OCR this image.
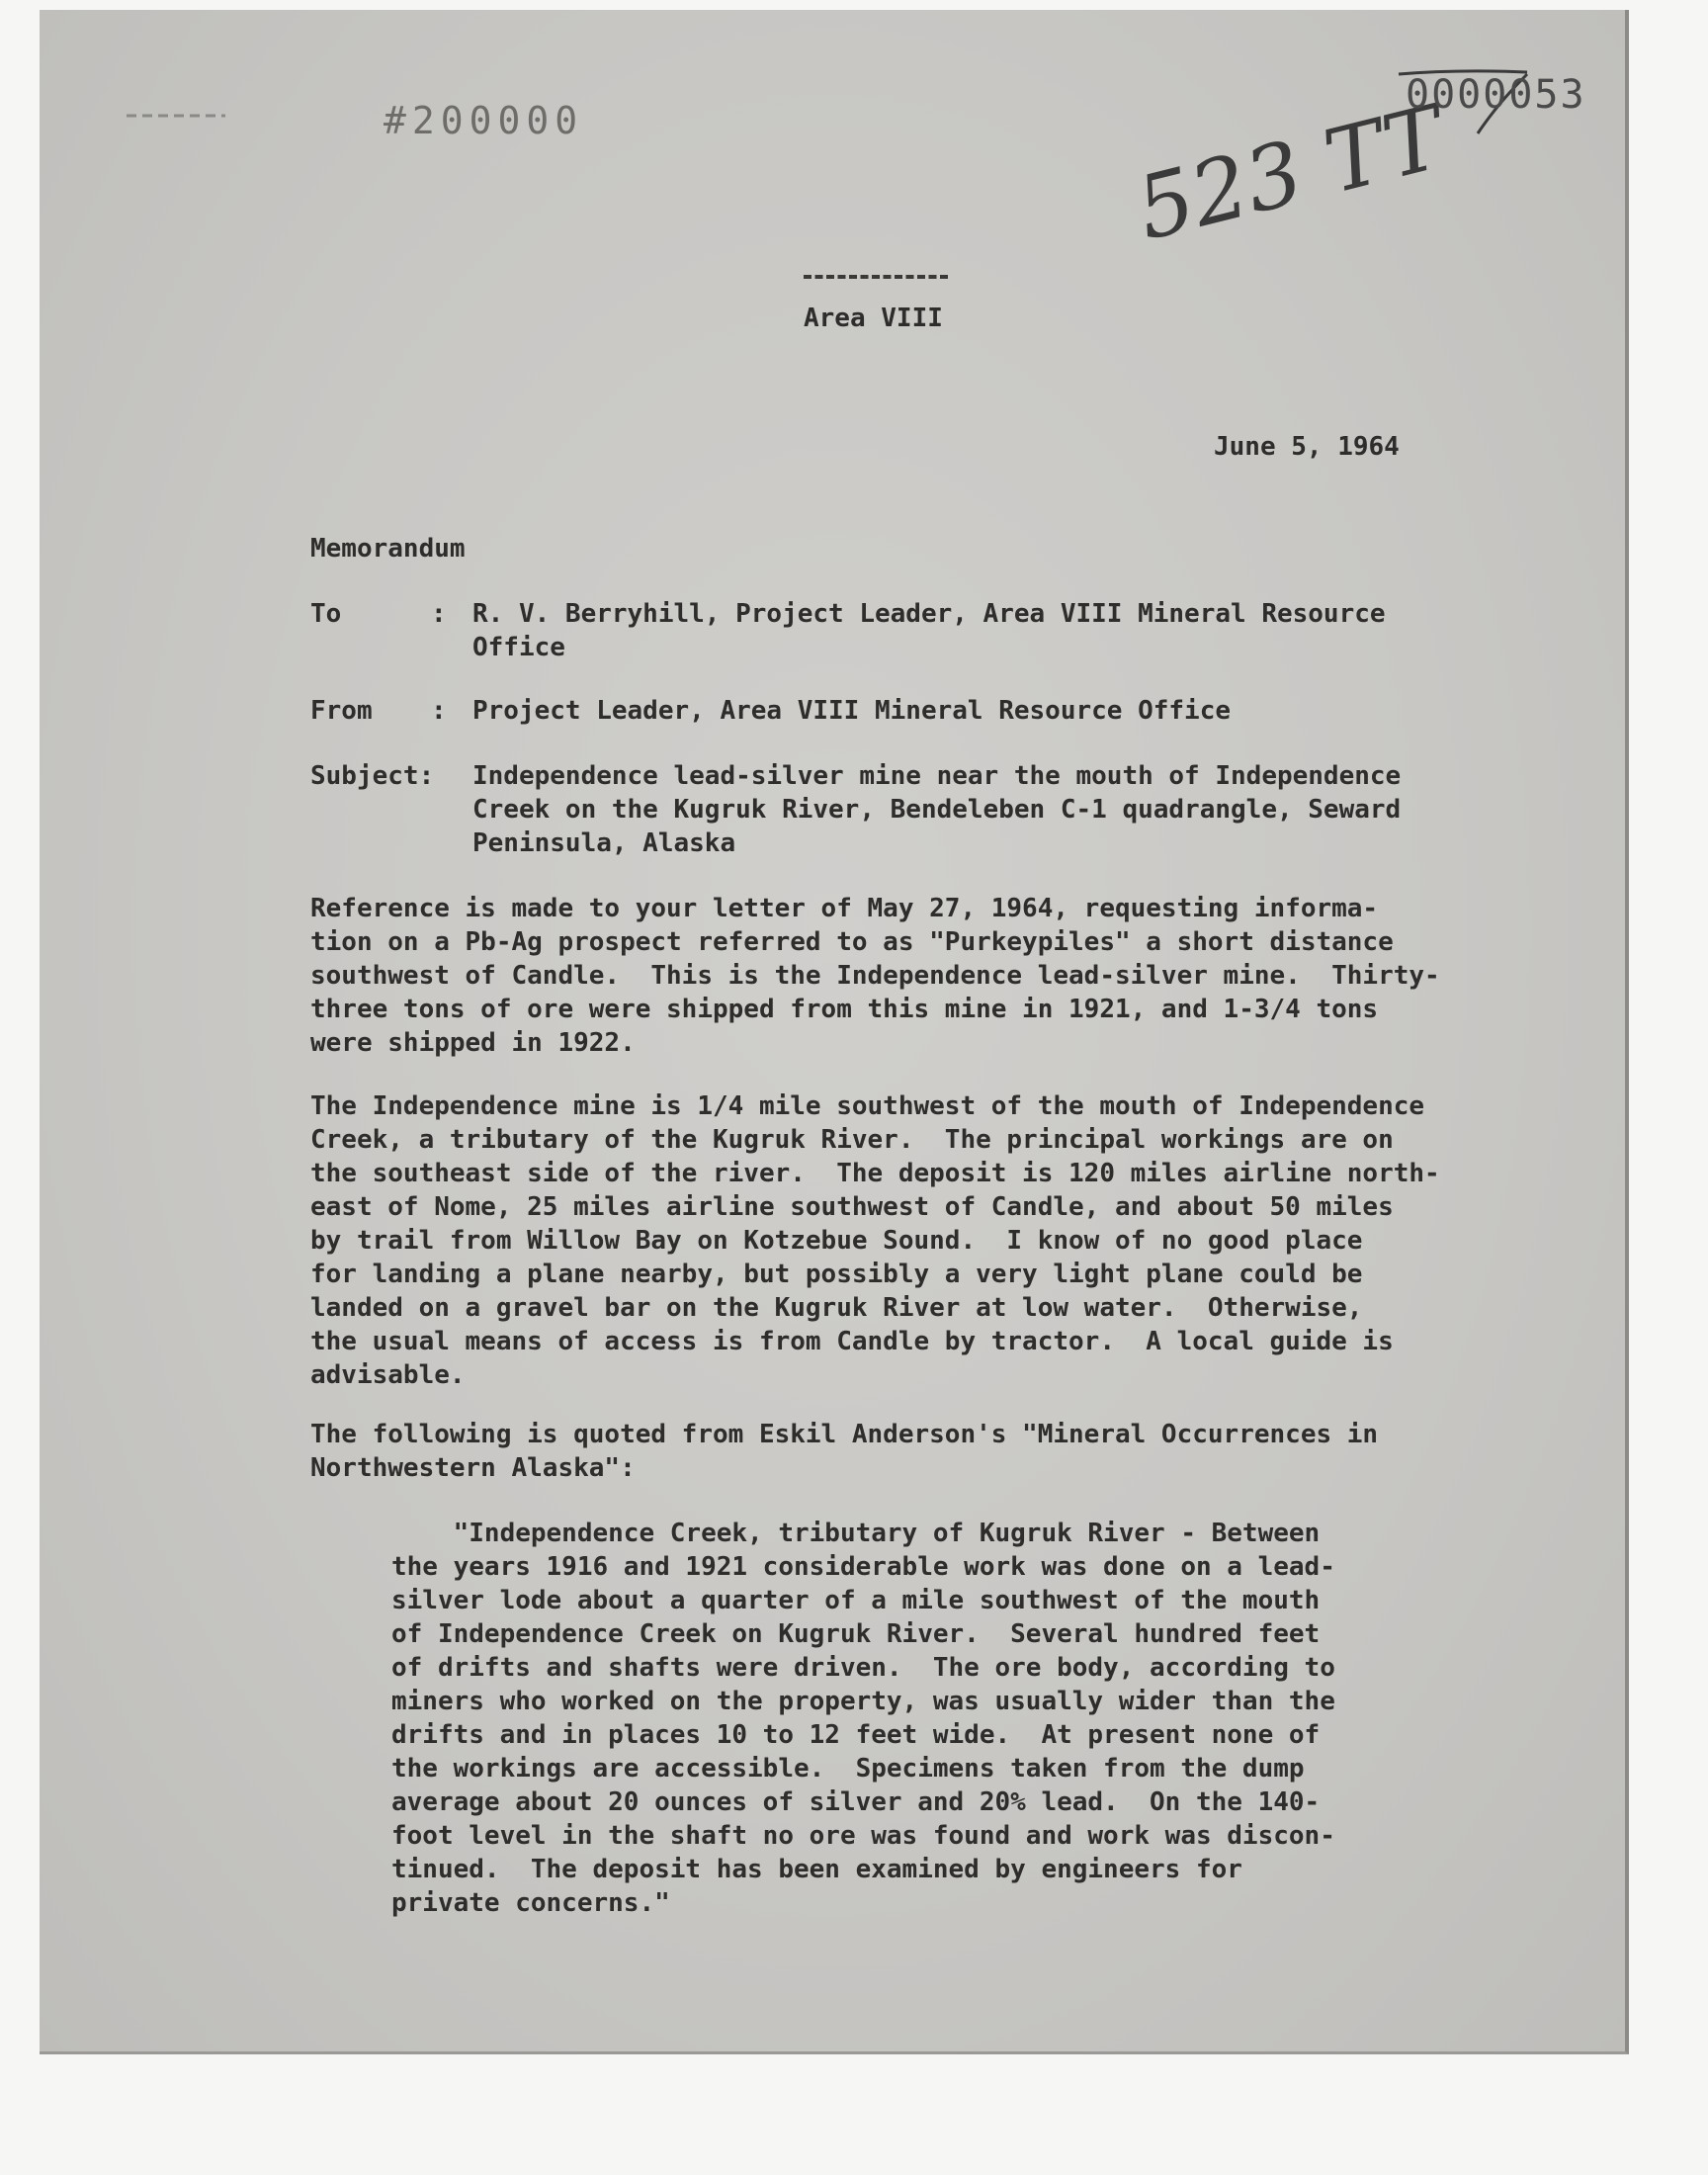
#200000	523 TT
0000053

Area VIII

June 5, 1964

Memorandum

To	: R. V. Berryhill, Project Leader, Area VIII Mineral Resource
Office

From : Project Leader, Area VIII Mineral Resource Office

Subject: Independence lead-silver mine near the mouth of Independence
Creek on the Kugruk River, Bendeleben C-1 quadrangle, Seward
Peninsula, Alaska

Reference is made to your letter of May 27, 1964, requesting informa-
tion on a Pb-Ag prospect referred to as "Purkeypiles" a short distance
southwest of Candle.  This is the Independence lead-silver mine.  Thirty-
three tons of ore were shipped from this mine in 1921, and 1-3/4 tons
were shipped in 1922.

The Independence mine is 1/4 mile southwest of the mouth of Independence
Creek, a tributary of the Kugruk River.  The principal workings are on
the southeast side of the river.  The deposit is 120 miles airline north-
east of Nome, 25 miles airline southwest of Candle, and about 50 miles
by trail from Willow Bay on Kotzebue Sound.  I know of no good place
for landing a plane nearby, but possibly a very light plane could be
landed on a gravel bar on the Kugruk River at low water.  Otherwise,
the usual means of access is from Candle by tractor.  A local guide is
advisable.

The following is quoted from Eskil Anderson's "Mineral Occurrences in
Northwestern Alaska":

"Independence Creek, tributary of Kugruk River - Between
the years 1916 and 1921 considerable work was done on a lead-
silver lode about a quarter of a mile southwest of the mouth
of Independence Creek on Kugruk River.  Several hundred feet
of drifts and shafts were driven.  The ore body, according to
miners who worked on the property, was usually wider than the
drifts and in places 10 to 12 feet wide.  At present none of
the workings are accessible.  Specimens taken from the dump
average about 20 ounces of silver and 20% lead.  On the 140-
foot level in the shaft no ore was found and work was discon-
tinued.  The deposit has been examined by engineers for
private concerns."
